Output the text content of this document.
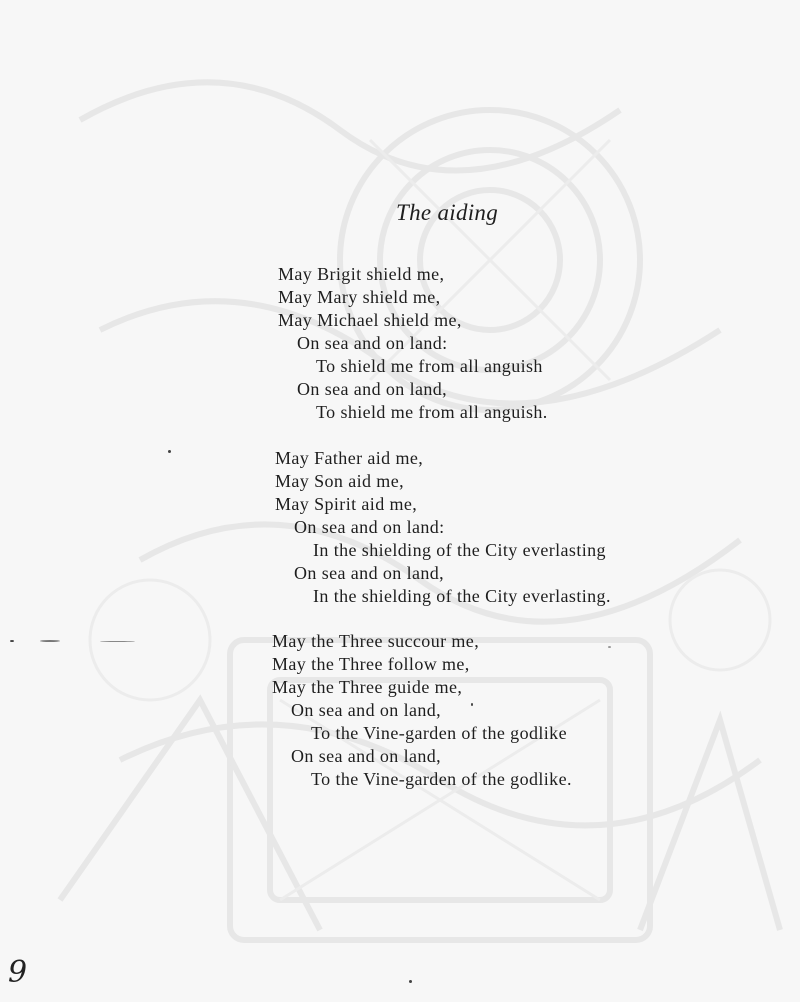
The aiding
May Brigit shield me,
May Mary shield me,
May Michael shield me,
On sea and on land:
To shield me from all anguish
On sea and on land,
To shield me from all anguish.
May Father aid me,
May Son aid me,
May Spirit aid me,
On sea and on land:
In the shielding of the City everlasting
On sea and on land,
In the shielding of the City everlasting.
May the Three succour me,
May the Three follow me,
May the Three guide me,
On sea and on land,
To the Vine-garden of the godlike
On sea and on land,
To the Vine-garden of the godlike.
9
